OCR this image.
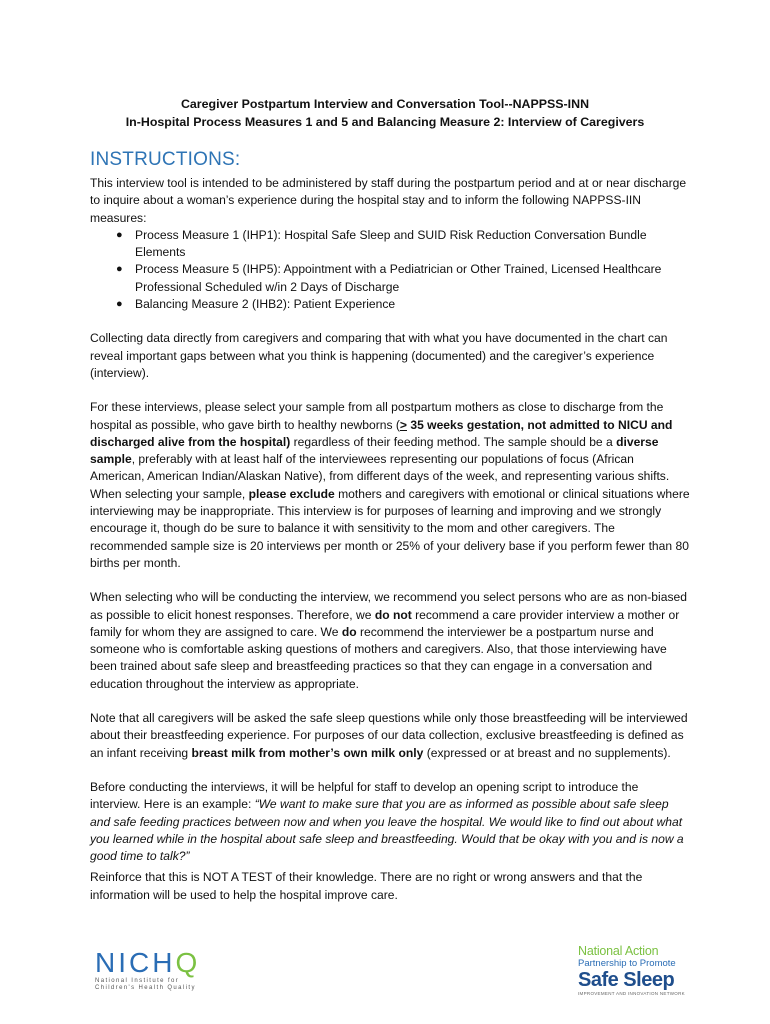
Caregiver Postpartum Interview and Conversation Tool--NAPPSS-INN
In-Hospital Process Measures 1 and 5 and Balancing Measure 2: Interview of Caregivers
INSTRUCTIONS:

This interview tool is intended to be administered by staff during the postpartum period and at or near discharge to inquire about a woman’s experience during the hospital stay and to inform the following NAPPSS-IIN measures:

● Process Measure 1 (IHP1): Hospital Safe Sleep and SUID Risk Reduction Conversation Bundle Elements
● Process Measure 5 (IHP5): Appointment with a Pediatrician or Other Trained, Licensed Healthcare Professional Scheduled w/in 2 Days of Discharge
● Balancing Measure 2 (IHB2): Patient Experience

Collecting data directly from caregivers and comparing that with what you have documented in the chart can reveal important gaps between what you think is happening (documented) and the caregiver’s experience (interview).

For these interviews, please select your sample from all postpartum mothers as close to discharge from the hospital as possible, who gave birth to healthy newborns (≥ 35 weeks gestation, not admitted to NICU and discharged alive from the hospital) regardless of their feeding method. The sample should be a diverse sample, preferably with at least half of the interviewees representing our populations of focus (African American, American Indian/Alaskan Native), from different days of the week, and representing various shifts. When selecting your sample, please exclude mothers and caregivers with emotional or clinical situations where interviewing may be inappropriate. This interview is for purposes of learning and improving and we strongly encourage it, though do be sure to balance it with sensitivity to the mom and other caregivers. The recommended sample size is 20 interviews per month or 25% of your delivery base if you perform fewer than 80 births per month.

When selecting who will be conducting the interview, we recommend you select persons who are as non-biased as possible to elicit honest responses. Therefore, we do not recommend a care provider interview a mother or family for whom they are assigned to care. We do recommend the interviewer be a postpartum nurse and someone who is comfortable asking questions of mothers and caregivers. Also, that those interviewing have been trained about safe sleep and breastfeeding practices so that they can engage in a conversation and education throughout the interview as appropriate.

Note that all caregivers will be asked the safe sleep questions while only those breastfeeding will be interviewed about their breastfeeding experience. For purposes of our data collection, exclusive breastfeeding is defined as an infant receiving breast milk from mother’s own milk only (expressed or at breast and no supplements).

Before conducting the interviews, it will be helpful for staff to develop an opening script to introduce the interview. Here is an example: “We want to make sure that you are as informed as possible about safe sleep and safe feeding practices between now and when you leave the hospital. We would like to find out about what you learned while in the hospital about safe sleep and breastfeeding. Would that be okay with you and is now a good time to talk?”

Reinforce that this is NOT A TEST of their knowledge. There are no right or wrong answers and that the information will be used to help the hospital improve care.

NICHQ
National Institute for
Children's Health Quality
National Action
Partnership to Promote
Safe Sleep
IMPROVEMENT AND INNOVATION NETWORK
